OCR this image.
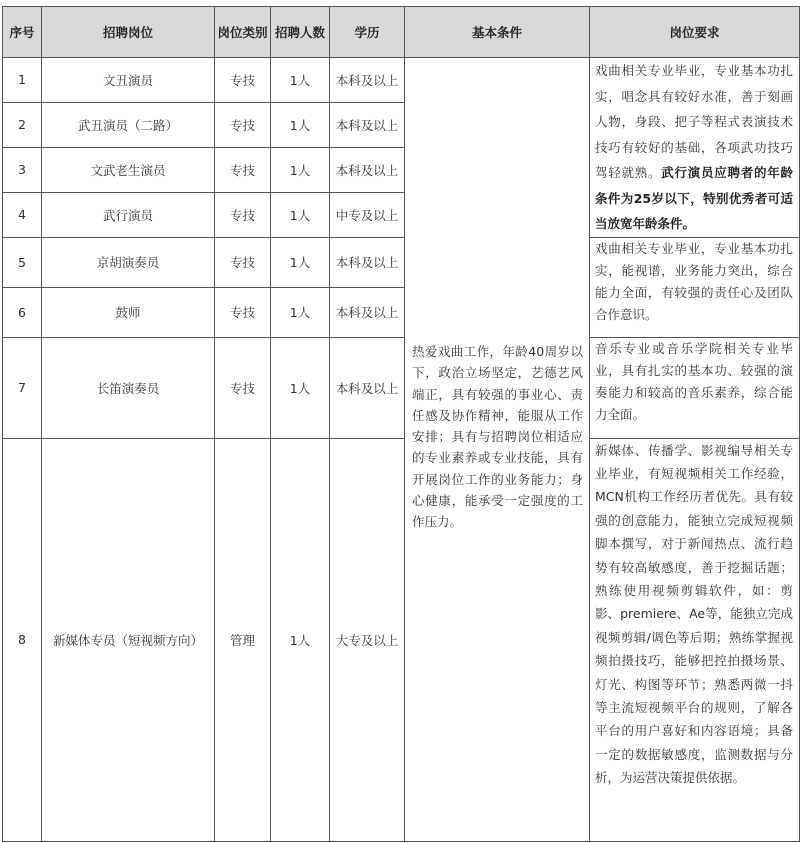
序号	招聘岗位	岗位类别	招聘人数	学历	基本条件	岗位要求
1	文丑演员	专技	1人	本科及以上	热爱戏曲工作，年龄40周岁以下，政治立场坚定，艺德艺风端正，具有较强的事业心、责任感及协作精神，能服从工作安排；具有与招聘岗位相适应的专业素养或专业技能，具有开展岗位工作的业务能力；身心健康，能承受一定强度的工作压力。	戏曲相关专业毕业，专业基本功扎实，唱念具有较好水准，善于刻画人物，身段、把子等程式表演技术技巧有较好的基础，各项武功技巧驾轻就熟。武行演员应聘者的年龄条件为25岁以下，特别优秀者可适当放宽年龄条件。
2	武丑演员（二路）	专技	1人	本科及以上		
3	文武老生演员	专技	1人	本科及以上		
4	武行演员	专技	1人	中专及以上		
5	京胡演奏员	专技	1人	本科及以上		戏曲相关专业毕业，专业基本功扎实，能视谱，业务能力突出，综合能力全面，有较强的责任心及团队合作意识。
6	鼓师	专技	1人	本科及以上		
7	长笛演奏员	专技	1人	本科及以上		音乐专业或音乐学院相关专业毕业，具有扎实的基本功、较强的演奏能力和较高的音乐素养，综合能力全面。
8	新媒体专员（短视频方向）	管理	1人	大专及以上		新媒体、传播学、影视编导相关专业毕业，有短视频相关工作经验，MCN机构工作经历者优先。具有较强的创意能力，能独立完成短视频脚本撰写，对于新闻热点、流行趋势有较高敏感度，善于挖掘话题；熟练使用视频剪辑软件，如：剪影、premiere、Ae等，能独立完成视频剪辑/调色等后期；熟练掌握视频拍摄技巧，能够把控拍摄场景、灯光、构图等环节；熟悉两微一抖等主流短视频平台的规则，了解各平台的用户喜好和内容语境；具备一定的数据敏感度，监测数据与分析，为运营决策提供依据。
